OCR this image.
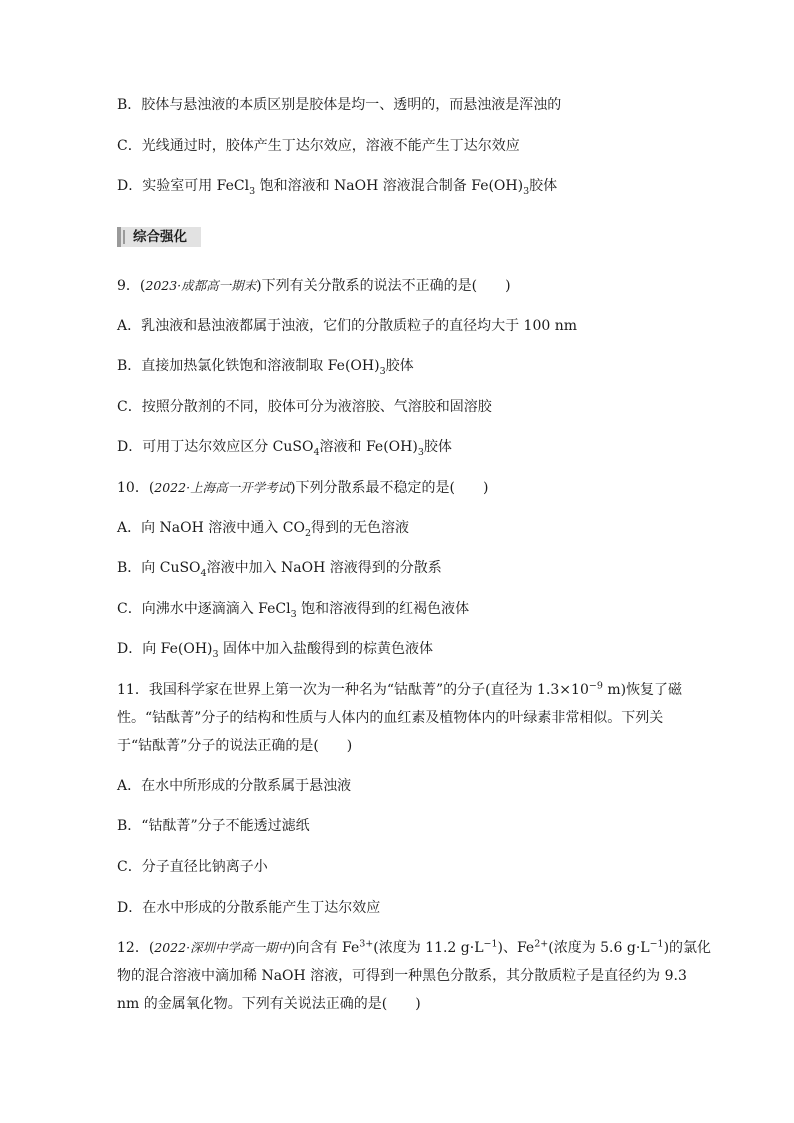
B．胶体与悬浊液的本质区别是胶体是均一、透明的，而悬浊液是浑浊的
C．光线通过时，胶体产生丁达尔效应，溶液不能产生丁达尔效应
D．实验室可用 FeCl$_3$ 饱和溶液和 NaOH 溶液混合制备 $Fe(OH)_3$胶体
综合强化
9．(2023·成都高一期末)下列有关分散系的说法不正确的是(　　)
A．乳浊液和悬浊液都属于浊液，它们的分散质粒子的直径均大于 100 nm
B．直接加热氯化铁饱和溶液制取 $Fe(OH)_3$胶体
C．按照分散剂的不同，胶体可分为液溶胶、气溶胶和固溶胶
D．可用丁达尔效应区分 CuSO$_4$溶液和 $Fe(OH)_3$胶体
10．(2022·上海高一开学考试)下列分散系最不稳定的是(　　)
A．向 NaOH 溶液中通入 $CO_2$得到的无色溶液
B．向 CuSO$_4$溶液中加入 NaOH 溶液得到的分散系
C．向沸水中逐滴滴入 FeCl$_3$ 饱和溶液得到的红褐色液体
D．向 $Fe(OH)_3$ 固体中加入盐酸得到的棕黄色液体
11．我国科学家在世界上第一次为一种名为“钴酞菁”的分子(直径为 $1.3\times 10^{-9}$ m)恢复了磁
性。“钴酞菁”分子的结构和性质与人体内的血红素及植物体内的叶绿素非常相似。下列关
于“钴酞菁”分子的说法正确的是(　　)
A．在水中所形成的分散系属于悬浊液
B．“钴酞菁”分子不能透过滤纸
C．分子直径比钠离子小
D．在水中形成的分散系能产生丁达尔效应
12．(2022·深圳中学高一期中)向含有 $Fe^{3+}$(浓度为 11.2 $g\cdot L^{-1}$)、$Fe^{2+}$(浓度为 5.6 $g\cdot L^{-1}$)的氯化
物的混合溶液中滴加稀 NaOH 溶液，可得到一种黑色分散系，其分散质粒子是直径约为 9.3
nm 的金属氧化物。下列有关说法正确的是(　　)
